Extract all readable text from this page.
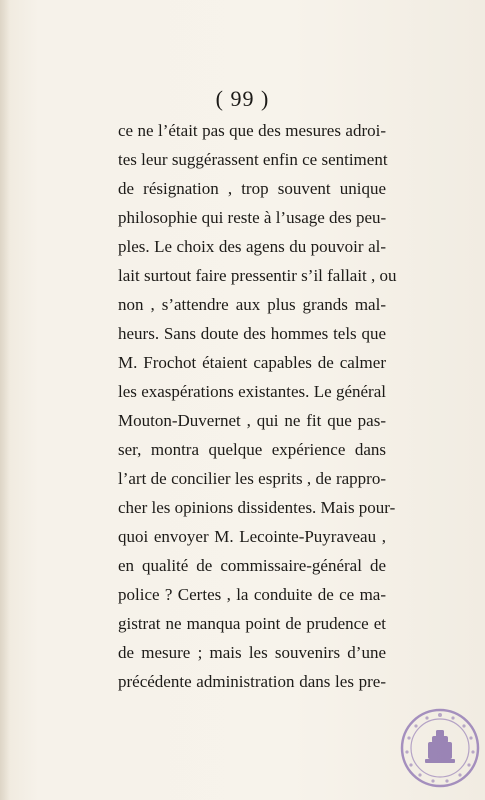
( 99 )
ce ne l’était pas que des mesures adroi-
tes leur suggérassent enfin ce sentiment
de résignation , trop souvent unique
philosophie qui reste à l’usage des peu-
ples. Le choix des agens du pouvoir al-
lait surtout faire pressentir s’il fallait , ou
non , s’attendre aux plus grands mal-
heurs. Sans doute des hommes tels que
M. Frochot étaient capables de calmer
les exaspérations existantes. Le général
Mouton-Duvernet , qui ne fit que pas-
ser, montra quelque expérience dans
l’art de concilier les esprits , de rappro-
cher les opinions dissidentes. Mais pour-
quoi envoyer M. Lecointe-Puyraveau ,
en qualité de commissaire-général de
police ? Certes , la conduite de ce ma-
gistrat ne manqua point de prudence et
de mesure ; mais les souvenirs d’une
précédente administration dans les pre-
